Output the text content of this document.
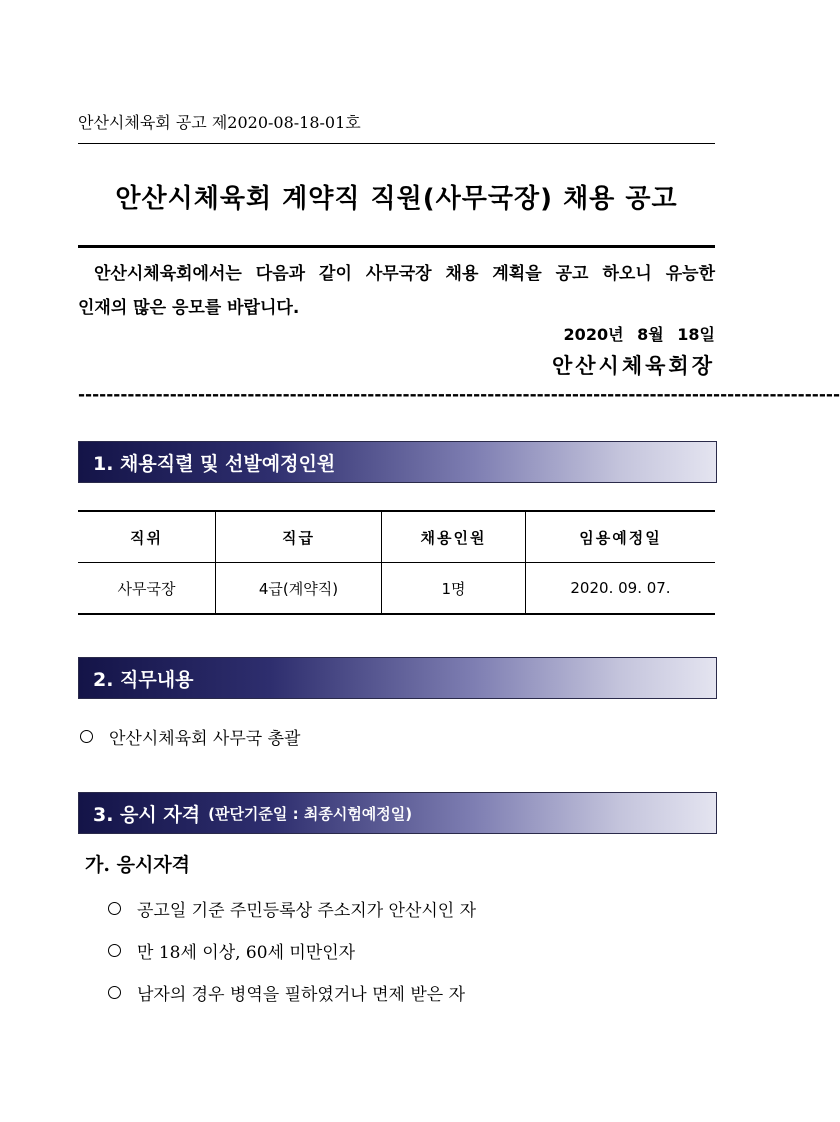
안산시체육회 공고 제2020-08-18-01호
안산시체육회 계약직 직원(사무국장) 채용 공고

안산시체육회에서는 다음과 같이 사무국장 채용 계획을 공고 하오니 유능한

인재의 많은 응모를 바랍니다.

2020년 8월 18일
안산시체육회장
------------------------------------------------------------------------------------------------------------
1. 채용직렬 및 선발예정인원
직위	직급	채용인원	임용예정일
사무국장	4급(계약직)	1명	2020. 09. 07.
2. 직무내용
안산시체육회 사무국 총괄
3. 응시 자격 (판단기준일 : 최종시험예정일)
가. 응시자격
공고일 기준 주민등록상 주소지가 안산시인 자
만 18세 이상, 60세 미만인자
남자의 경우 병역을 필하였거나 면제 받은 자
